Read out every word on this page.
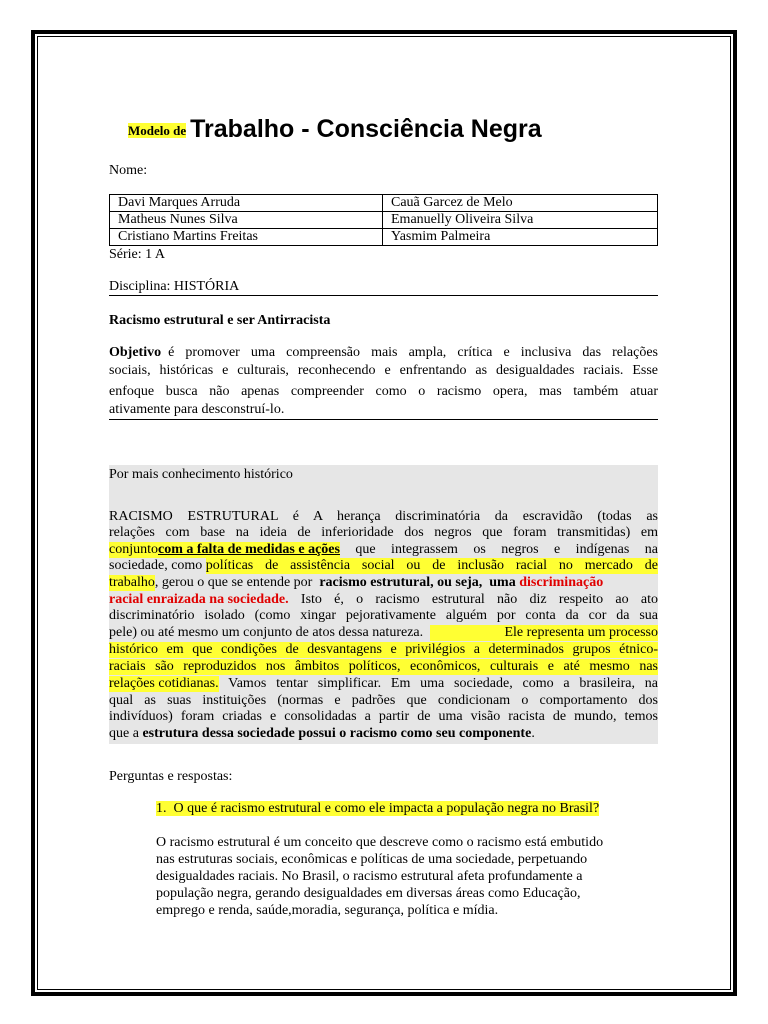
Modelo de Trabalho - Consciência Negra
Nome:
Davi Marques Arruda	Cauã Garcez de Melo
Matheus Nunes Silva	Emanuelly Oliveira Silva
Cristiano Martins Freitas	Yasmim Palmeira
Série: 1 A
Disciplina: HISTÓRIA
Racismo estrutural e ser Antirracista
Objetivo é promover uma compreensão mais ampla, crítica e inclusiva das relações
sociais, históricas e culturais, reconhecendo e enfrentando as desigualdades raciais. Esse
enfoque busca não apenas compreender como o racismo opera, mas também atuar
ativamente para desconstruí-lo.
Por mais conhecimento histórico
RACISMO ESTRUTURAL é A herança discriminatória da escravidão (todas as
relações com base na ideia de inferioridade dos negros que foram transmitidas) em
conjunto com a falta de medidas e ações que integrassem os negros e indígenas na
sociedade, como políticas de assistência social ou de inclusão racial no mercado de
trabalho , gerou o que se entende por racismo estrutural, ou seja,  uma discriminação
racial enraizada na sociedade. Isto é, o racismo estrutural não diz respeito ao ato
discriminatório isolado (como xingar pejorativamente alguém por conta da cor da sua
pele) ou até mesmo um conjunto de atos dessa natureza.	Ele representa um processo
histórico em que condições de desvantagens e privilégios a determinados grupos étnico-
raciais são reproduzidos nos âmbitos políticos, econômicos, culturais e até mesmo nas
relações cotidianas. Vamos tentar simplificar. Em uma sociedade, como a brasileira, na
qual as suas instituições (normas e padrões que condicionam o comportamento dos
indivíduos) foram criadas e consolidadas a partir de uma visão racista de mundo, temos
que a estrutura dessa sociedade possui o racismo como seu componente .
Perguntas e respostas:
1.  O que é racismo estrutural e como ele impacta a população negra no Brasil?
O racismo estrutural é um conceito que descreve como o racismo está embutido
nas estruturas sociais, econômicas e políticas de uma sociedade, perpetuando
desigualdades raciais. No Brasil, o racismo estrutural afeta profundamente a
população negra, gerando desigualdades em diversas áreas como Educação,
emprego e renda, saúde,moradia, segurança, política e mídia.
